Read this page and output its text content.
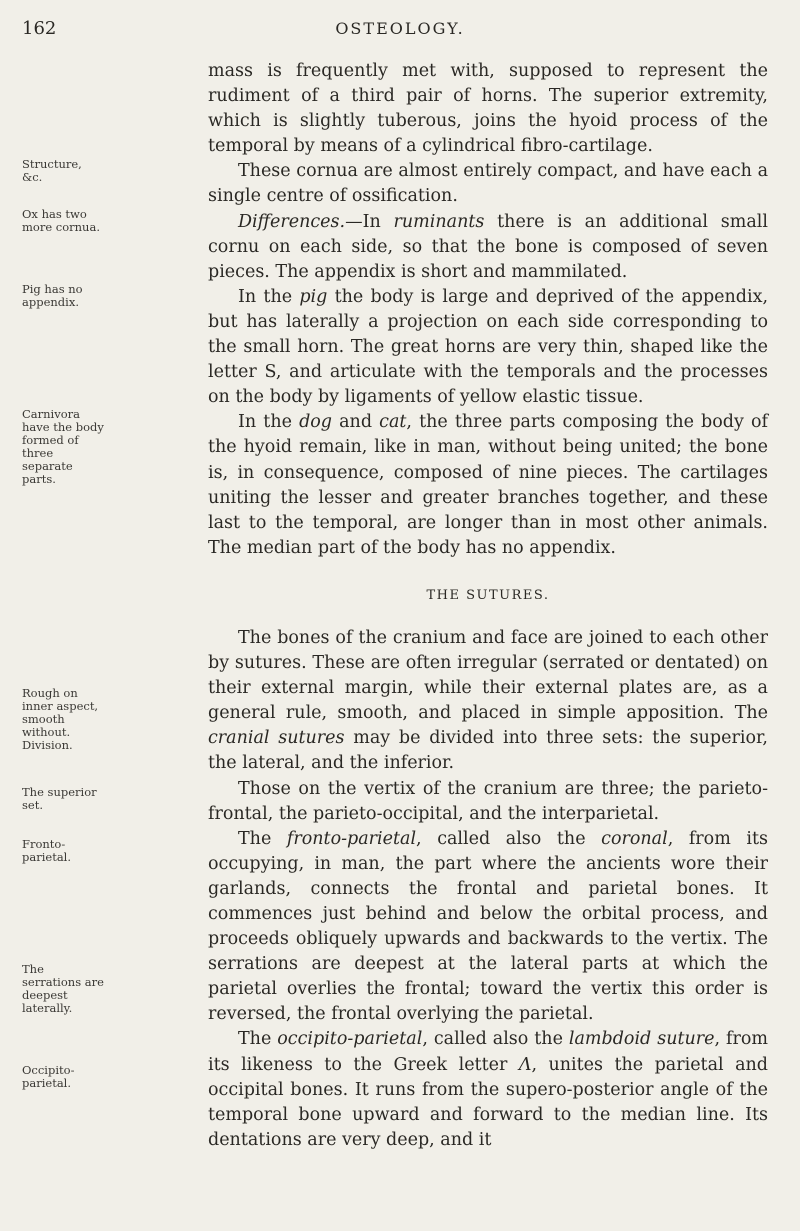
162	OSTEOLOGY.
Structure, &c.
Ox has two more cornua.
Pig has no appendix.
Carnivora have the body formed of three separate parts.
Rough on inner aspect, smooth without. Division.
The superior set.
Fronto-parietal.
The serrations are deepest laterally.
Occipito-parietal.

mass is frequently met with, supposed to represent the rudiment of a third pair of horns. The superior extremity, which is slightly tuberous, joins the hyoid process of the temporal by means of a cylindrical fibro-cartilage.

These cornua are almost entirely compact, and have each a single centre of ossification.

Differences.—In ruminants there is an additional small cornu on each side, so that the bone is composed of seven pieces. The appendix is short and mammilated.

In the pig the body is large and deprived of the appendix, but has laterally a projection on each side corresponding to the small horn. The great horns are very thin, shaped like the letter S, and articulate with the temporals and the processes on the body by ligaments of yellow elastic tissue.

In the dog and cat, the three parts composing the body of the hyoid remain, like in man, without being united; the bone is, in consequence, composed of nine pieces. The cartilages uniting the lesser and greater branches together, and these last to the temporal, are longer than in most other animals. The median part of the body has no appendix.

THE SUTURES.

The bones of the cranium and face are joined to each other by sutures. These are often irregular (serrated or dentated) on their external margin, while their external plates are, as a general rule, smooth, and placed in simple apposition. The cranial sutures may be divided into three sets: the superior, the lateral, and the inferior.

Those on the vertix of the cranium are three; the parieto-frontal, the parieto-occipital, and the interparietal.

The fronto-parietal, called also the coronal, from its occupying, in man, the part where the ancients wore their garlands, connects the frontal and parietal bones. It commences just behind and below the orbital process, and proceeds obliquely upwards and backwards to the vertix. The serrations are deepest at the lateral parts at which the parietal overlies the frontal; toward the vertix this order is reversed, the frontal overlying the parietal.

The occipito-parietal, called also the lambdoid suture, from its likeness to the Greek letter Λ, unites the parietal and occipital bones. It runs from the supero-posterior angle of the temporal bone upward and forward to the median line. Its dentations are very deep, and it
